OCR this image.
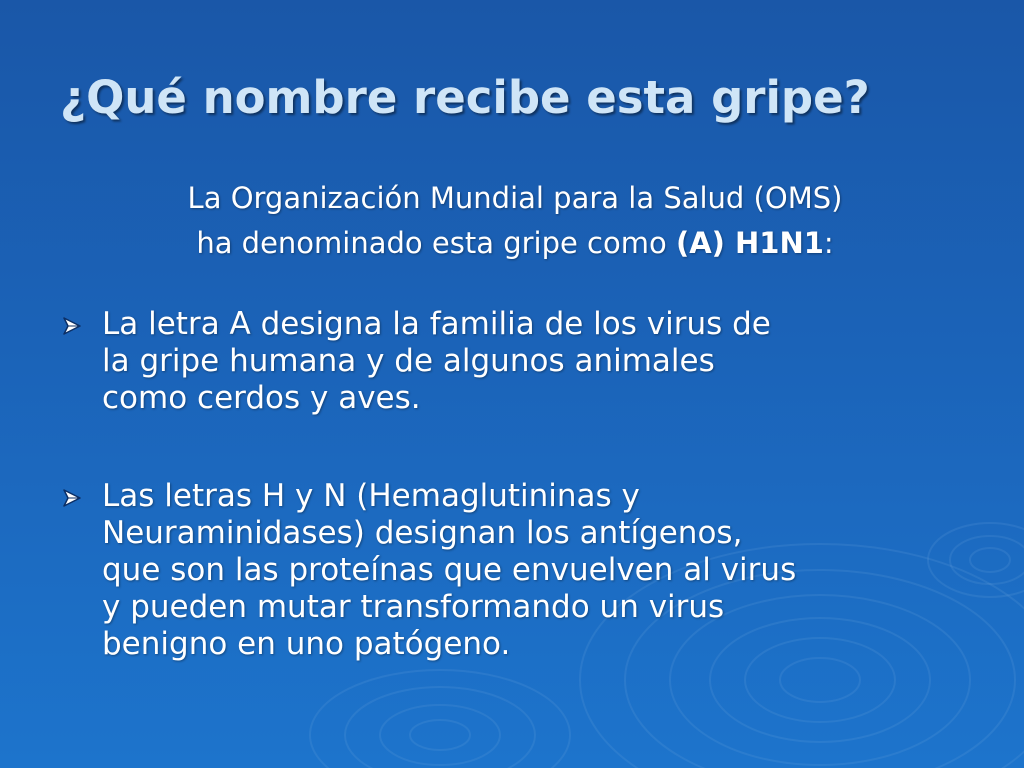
¿Qué nombre recibe esta gripe?
La Organización Mundial para la Salud (OMS)
ha denominado esta gripe como (A) H1N1:
La letra A designa la familia de los virus de
la gripe humana y de algunos animales
como cerdos y aves.
Las letras H y N (Hemaglutininas y
Neuraminidases) designan los antígenos,
que son las proteínas que envuelven al virus
y pueden mutar transformando un virus
benigno en uno patógeno.
